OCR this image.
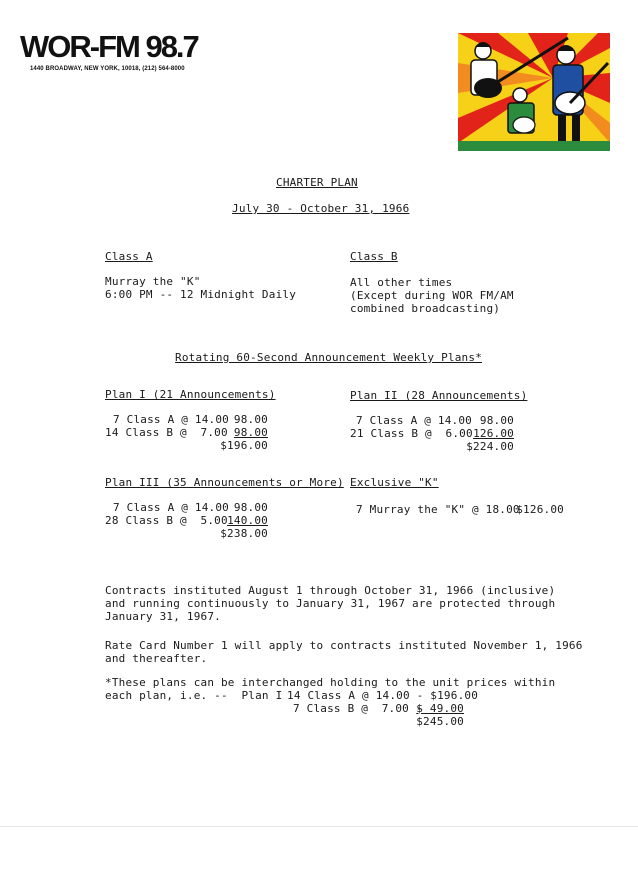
WOR-FM 98.7
1440 BROADWAY, NEW YORK, 10018, (212) 564-8000
CHARTER PLAN
July 30 - October 31, 1966
Class A
Murray the "K"
6:00 PM -- 12 Midnight Daily
Class B
All other times
(Except during WOR FM/AM
combined broadcasting)
Rotating 60-Second Announcement Weekly Plans*
Plan I (21 Announcements)
7 Class A @ 14.00 98.00
14 Class B @  7.00 98.00
$196.00
Plan II (28 Announcements)
7 Class A @ 14.00 98.00
21 Class B @  6.00 126.00
$224.00
Plan III (35 Announcements or More)
7 Class A @ 14.00 98.00
28 Class B @  5.00 140.00
$238.00
Exclusive "K"
7 Murray the "K" @ 18.00
$126.00
Contracts instituted August 1 through October 31, 1966 (inclusive)
and running continuously to January 31, 1967 are protected through
January 31, 1967.
Rate Card Number 1 will apply to contracts instituted November 1, 1966
and thereafter.
*These plans can be interchanged holding to the unit prices within
each plan, i.e. --  Plan I 14 Class A @ 14.00 - $196.00
7 Class B @  7.00 -
$ 49.00
$245.00
